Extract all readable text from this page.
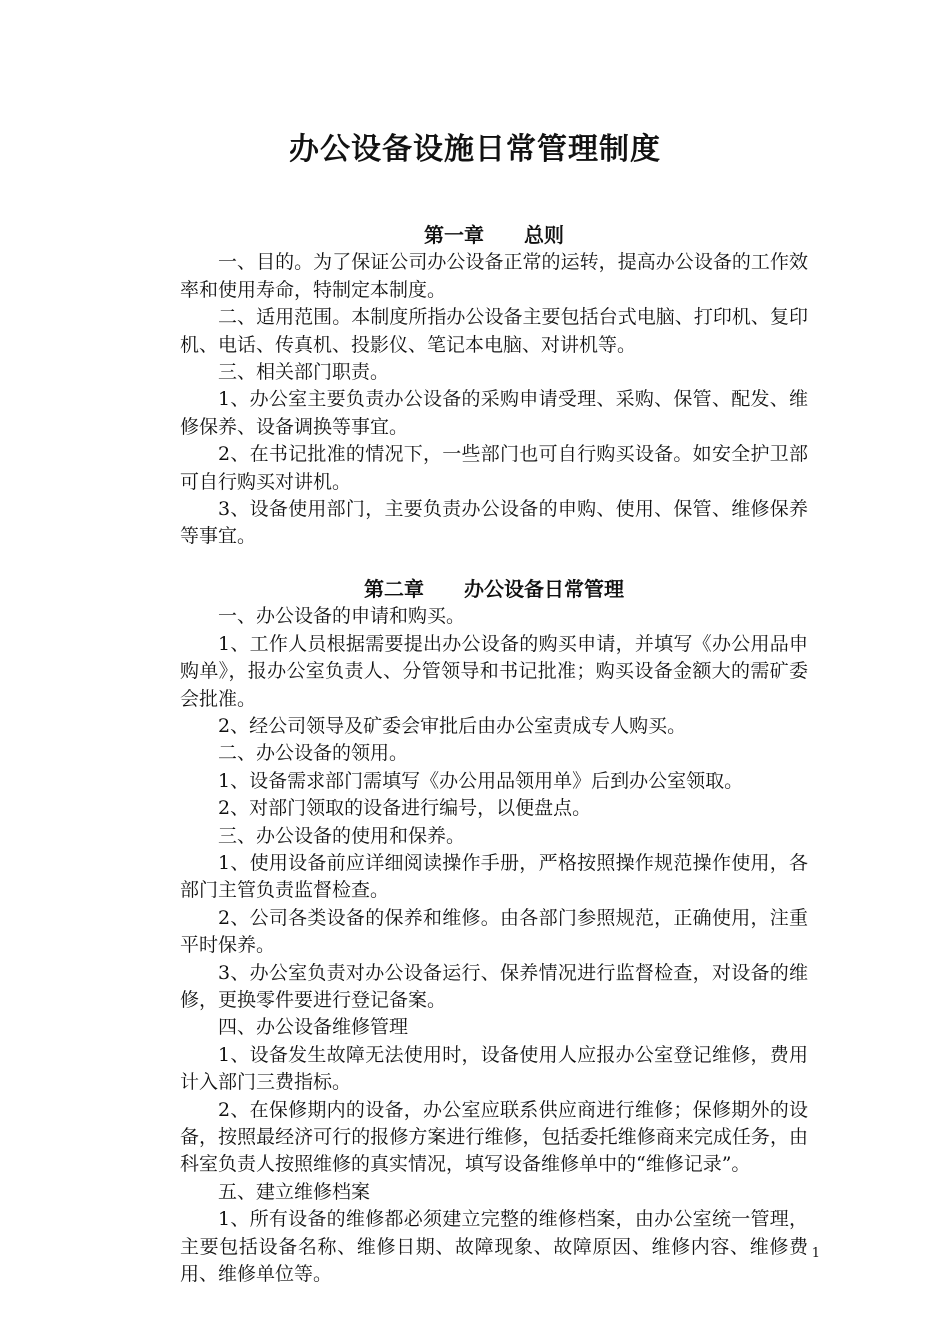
办公设备设施日常管理制度
第一章　　总则

一、目的。为了保证公司办公设备正常的运转，提高办公设备的工作效率和使用寿命，特制定本制度。

二、适用范围。本制度所指办公设备主要包括台式电脑、打印机、复印机、电话、传真机、投影仪、笔记本电脑、对讲机等。

三、相关部门职责。

1、办公室主要负责办公设备的采购申请受理、采购、保管、配发、维修保养、设备调换等事宜。

2、在书记批准的情况下，一些部门也可自行购买设备。如安全护卫部可自行购买对讲机。

3、设备使用部门，主要负责办公设备的申购、使用、保管、维修保养等事宜。

第二章　　办公设备日常管理

一、办公设备的申请和购买。

1、工作人员根据需要提出办公设备的购买申请，并填写《办公用品申购单》，报办公室负责人、分管领导和书记批准；购买设备金额大的需矿委会批准。

2、经公司领导及矿委会审批后由办公室责成专人购买。

二、办公设备的领用。

1、设备需求部门需填写《办公用品领用单》后到办公室领取。

2、对部门领取的设备进行编号，以便盘点。

三、办公设备的使用和保养。

1、使用设备前应详细阅读操作手册，严格按照操作规范操作使用，各部门主管负责监督检查。

2、公司各类设备的保养和维修。由各部门参照规范，正确使用，注重平时保养。

3、办公室负责对办公设备运行、保养情况进行监督检查，对设备的维修，更换零件要进行登记备案。

四、办公设备维修管理

1、设备发生故障无法使用时，设备使用人应报办公室登记维修，费用计入部门三费指标。

2、在保修期内的设备，办公室应联系供应商进行维修；保修期外的设备，按照最经济可行的报修方案进行维修，包括委托维修商来完成任务，由科室负责人按照维修的真实情况，填写设备维修单中的“维修记录”。

五、建立维修档案

1、所有设备的维修都必须建立完整的维修档案，由办公室统一管理，主要包括设备名称、维修日期、故障现象、故障原因、维修内容、维修费用、维修单位等。

1
